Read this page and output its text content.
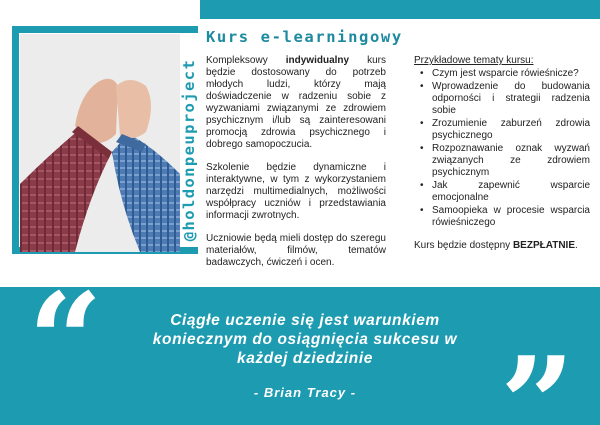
@holdonpeuproject
Kurs e-learningowy

Kompleksowy indywidualny kurs będzie dostosowany do potrzeb młodych ludzi, którzy mają doświadczenie w radzeniu sobie z wyzwaniami związanymi ze zdrowiem psychicznym i/lub są zainteresowani promocją zdrowia psychicznego i dobrego samopoczucia.

Szkolenie będzie dynamiczne i interaktywne, w tym z wykorzystaniem narzędzi multimedialnych, możliwości współpracy uczniów i przedstawiania informacji zwrotnych.

Uczniowie będą mieli dostęp do szeregu materiałów, filmów, tematów badawczych, ćwiczeń i ocen.

Przykładowe tematy kursu:
• Czym jest wsparcie rówieśnicze?
• Wprowadzenie do budowania odporności i strategii radzenia sobie
• Zrozumienie zaburzeń zdrowia psychicznego
• Rozpoznawanie oznak wyzwań związanych ze zdrowiem psychicznym
• Jak zapewnić wsparcie emocjonalne
• Samoopieka w procesie wsparcia rówieśniczego

Kurs będzie dostępny BEZPŁATNIE.

“	Ciągłe uczenie się jest warunkiem koniecznym do osiągnięcia sukcesu w każdej dziedzinie
- Brian Tracy -	”
